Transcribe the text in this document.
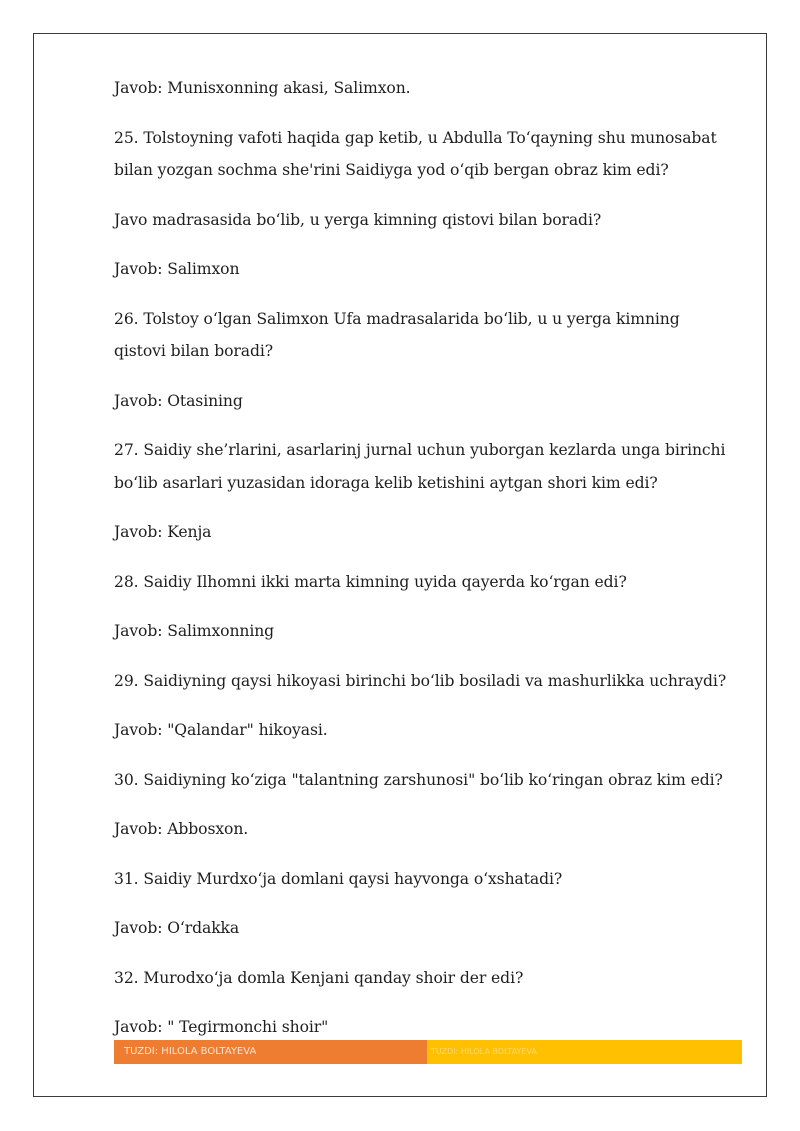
Javob: Munisxonning akasi, Salimxon.

25. Tolstoyning vafoti haqida gap ketib, u Abdulla Toʻqayning shu munosabat bilan yozgan sochma she'rini Saidiyga yod oʻqib bergan obraz kim edi?

Javo madrasasida boʻlib, u yerga kimning qistovi bilan boradi?

Javob: Salimxon

26. Tolstoy oʻlgan Salimxon Ufa madrasalarida boʻlib, u u yerga kimning qistovi bilan boradi?

Javob: Otasining

27. Saidiy she’rlarini, asarlarinj jurnal uchun yuborgan kezlarda unga birinchi boʻlib asarlari yuzasidan idoraga kelib ketishini aytgan shori kim edi?

Javob: Kenja

28. Saidiy Ilhomni ikki marta kimning uyida qayerda koʻrgan edi?

Javob: Salimxonning

29. Saidiyning qaysi hikoyasi birinchi boʻlib bosiladi va mashurlikka uchraydi?

Javob: "Qalandar" hikoyasi.

30. Saidiyning koʻziga "talantning zarshunosi" boʻlib koʻringan obraz kim edi?

Javob: Abbosxon.

31. Saidiy Murdxoʻja domlani qaysi hayvonga oʻxshatadi?

Javob: Oʻrdakka

32. Murodxoʻja domla Kenjani qanday shoir der edi?

Javob: " Tegirmonchi shoir"

TUZDI: HILOLA BOLTAYEVA	TUZDI: HILOLA BOLTAYEVA
